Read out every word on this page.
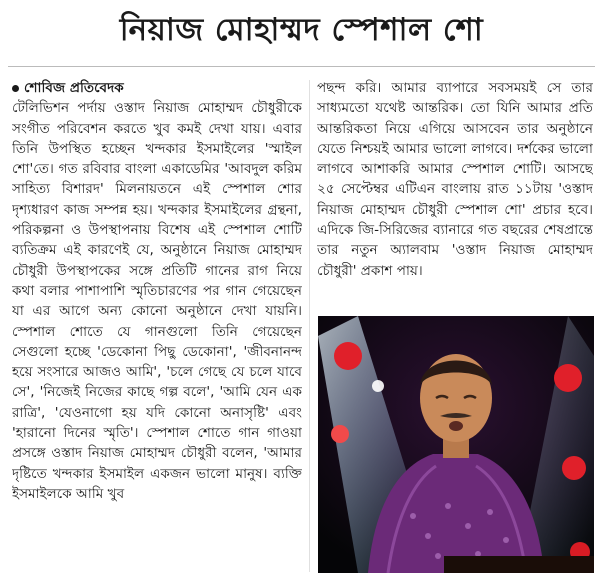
নিয়াজ মোহাম্মদ স্পেশাল শো
শোবিজ প্রতিবেদক
টেলিভিশন পর্দায় ওস্তাদ নিয়াজ মোহাম্মদ চৌধুরীকে সংগীত পরিবেশন করতে খুব কমই দেখা যায়। এবার তিনি উপস্থিত হচ্ছেন খন্দকার ইসমাইলের 'স্মাইল শো'তে। গত রবিবার বাংলা একাডেমির 'আবদুল করিম সাহিত্য বিশারদ' মিলনায়তনে এই স্পেশাল শোর দৃশ্যধারণ কাজ সম্পন্ন হয়। খন্দকার ইসমাইলের গ্রন্থনা, পরিকল্পনা ও উপস্থাপনায় বিশেষ এই স্পেশাল শোটি ব্যতিক্রম এই কারণেই যে, অনুষ্ঠানে নিয়াজ মোহাম্মদ চৌধুরী উপস্থাপকের সঙ্গে প্রতিটি গানের রাগ নিয়ে কথা বলার পাশাপাশি স্মৃতিচারণের পর গান গেয়েছেন যা এর আগে অন্য কোনো অনুষ্ঠানে দেখা যায়নি। স্পেশাল শোতে যে গানগুলো তিনি গেয়েছেন সেগুলো হচ্ছে 'ডেকোনা পিছু ডেকোনা', 'জীবনানন্দ হয়ে সংসারে আজও আমি', 'চলে গেছে যে চলে যাবে সে', 'নিজেই নিজের কাছে গল্প বলে', 'আমি যেন এক রাত্রি', 'যেওনাগো হয় যদি কোনো অনাসৃষ্টি' এবং 'হারানো দিনের স্মৃতি'। স্পেশাল শোতে গান গাওয়া প্রসঙ্গে ওস্তাদ নিয়াজ মোহাম্মদ চৌধুরী বলেন, 'আমার দৃষ্টিতে খন্দকার ইসমাইল একজন ভালো মানুষ। ব্যক্তি ইসমাইলকে আমি খুব
পছন্দ করি। আমার ব্যাপারে সবসময়ই সে তার সাধ্যমতো যথেষ্ট আন্তরিক। তো যিনি আমার প্রতি আন্তরিকতা নিয়ে এগিয়ে আসবেন তার অনুষ্ঠানে যেতে নিশ্চয়ই আমার ভালো লাগবে। দর্শকের ভালো লাগবে আশাকরি আমার স্পেশাল শোটি। আসছে ২৫ সেপ্টেম্বর এটিএন বাংলায় রাত ১১টায় 'ওস্তাদ নিয়াজ মোহাম্মদ চৌধুরী স্পেশাল শো' প্রচার হবে। এদিকে জি-সিরিজের ব্যানারে গত বছরের শেষপ্রান্তে তার নতুন অ্যালবাম 'ওস্তাদ নিয়াজ মোহাম্মদ চৌধুরী' প্রকাশ পায়।
